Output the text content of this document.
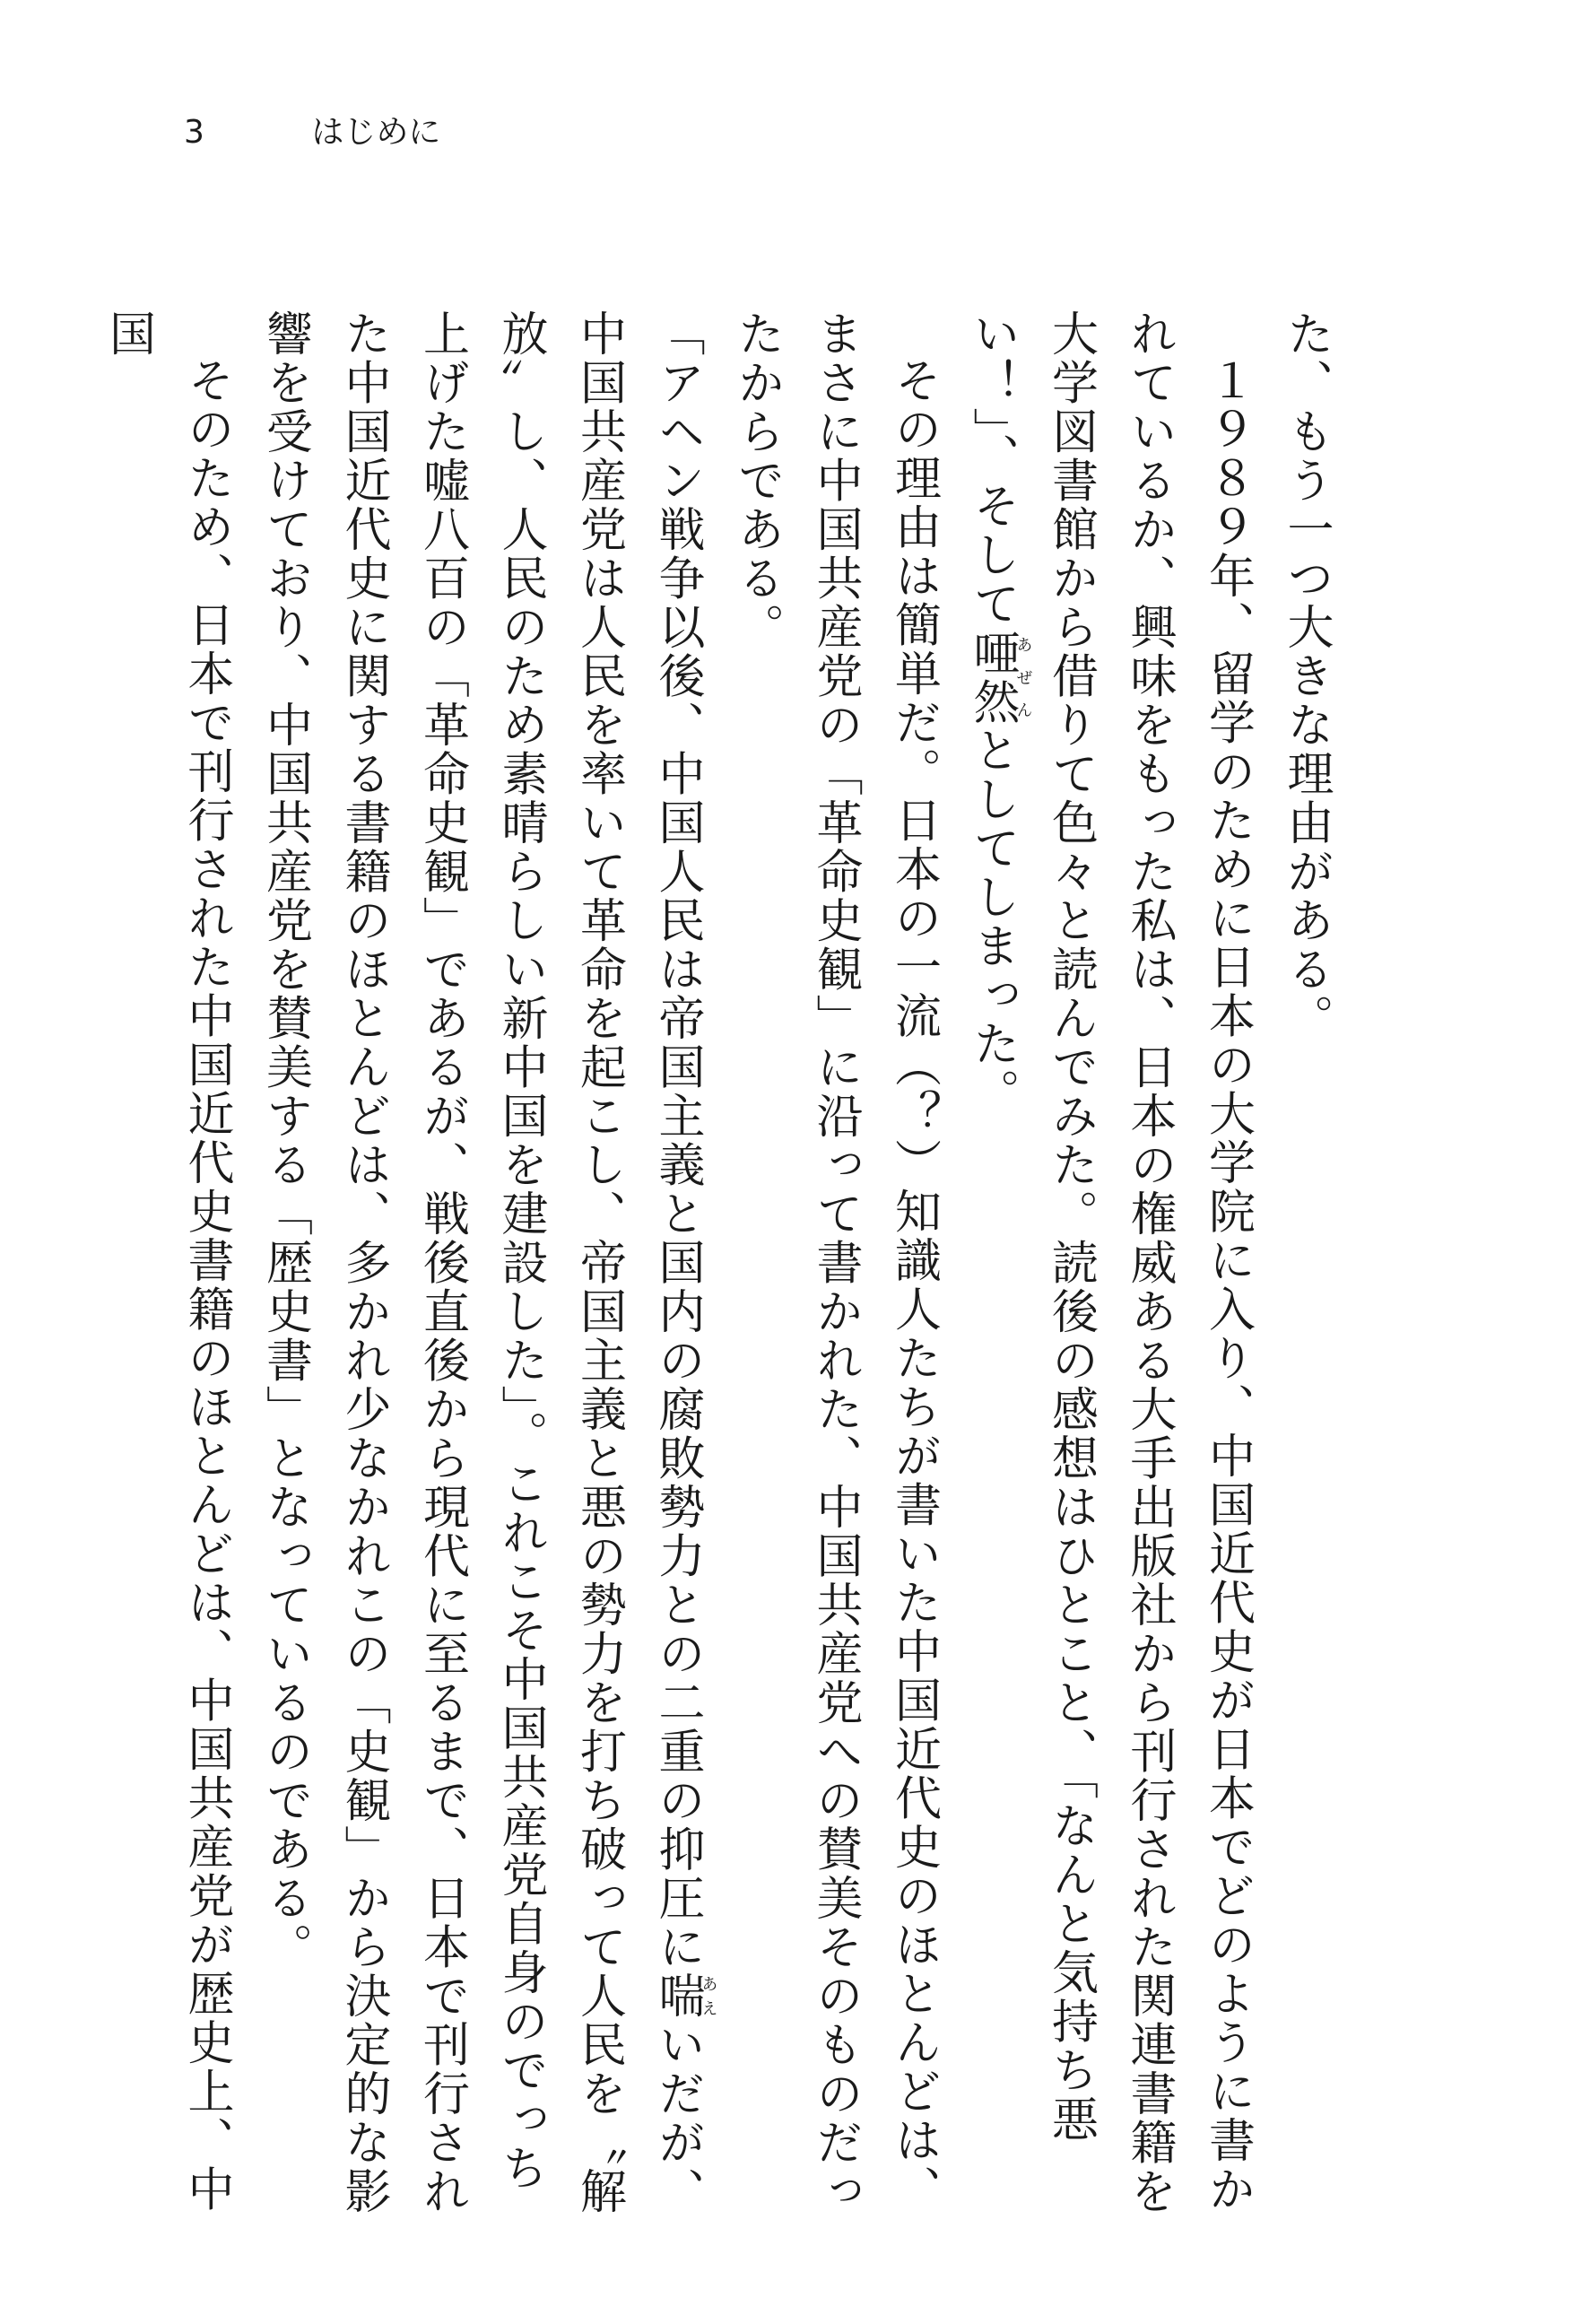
3	はじめに

た、もう一つ大きな理由がある。

１９８９年、留学のために日本の大学院に入り、中国近代史が日本でどのように書かれているか、興味をもった私は、日本の権威ある大手出版社から刊行された関連書籍を大学図書館から借りて色々と読んでみた。読後の感想はひとこと、「なんと気持ち悪い！」、そして唖然あぜんとしてしまった。

その理由は簡単だ。日本の一流（？）知識人たちが書いた中国近代史のほとんどは、まさに中国共産党の「革命史観」に沿って書かれた、中国共産党への賛美そのものだったからである。

「アヘン戦争以後、中国人民は帝国主義と国内の腐敗勢力との二重の抑圧に喘あえいだが、中国共産党は人民を率いて革命を起こし、帝国主義と悪の勢力を打ち破って人民を〝解放〟し、人民のため素晴らしい新中国を建設した」。これこそ中国共産党自身のでっち上げた嘘八百の「革命史観」であるが、戦後直後から現代に至るまで、日本で刊行された中国近代史に関する書籍のほとんどは、多かれ少なかれこの「史観」から決定的な影響を受けており、中国共産党を賛美する「歴史書」となっているのである。

そのため、日本で刊行された中国近代史書籍のほとんどは、中国共産党が歴史上、中国
